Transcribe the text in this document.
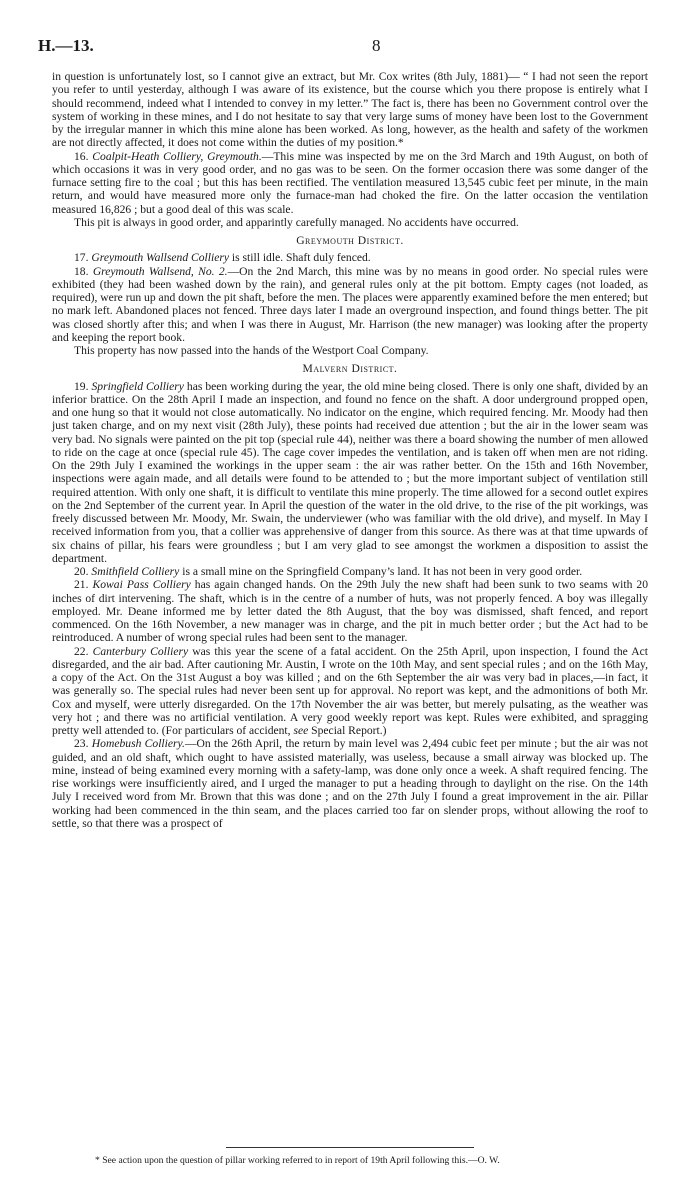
H.—13.	8

in question is unfortunately lost, so I cannot give an extract, but Mr. Cox writes (8th July, 1881)— “ I had not seen the report you refer to until yesterday, although I was aware of its existence, but the course which you there propose is entirely what I should recommend, indeed what I intended to convey in my letter.” The fact is, there has been no Government control over the system of working in these mines, and I do not hesitate to say that very large sums of money have been lost to the Government by the irregular manner in which this mine alone has been worked. As long, however, as the health and safety of the workmen are not directly affected, it does not come within the duties of my position.*

16. Coalpit-Heath Colliery, Greymouth.—This mine was inspected by me on the 3rd March and 19th August, on both of which occasions it was in very good order, and no gas was to be seen. On the former occasion there was some danger of the furnace setting fire to the coal ; but this has been rectified. The ventilation measured 13,545 cubic feet per minute, in the main return, and would have measured more only the furnace-man had choked the fire. On the latter occasion the ventilation measured 16,826 ; but a good deal of this was scale.

This pit is always in good order, and apparintly carefully managed. No accidents have occurred.

Greymouth District.

17. Greymouth Wallsend Colliery is still idle. Shaft duly fenced.

18. Greymouth Wallsend, No. 2.—On the 2nd March, this mine was by no means in good order. No special rules were exhibited (they had been washed down by the rain), and general rules only at the pit bottom. Empty cages (not loaded, as required), were run up and down the pit shaft, before the men. The places were apparently examined before the men entered; but no mark left. Abandoned places not fenced. Three days later I made an overground inspection, and found things better. The pit was closed shortly after this; and when I was there in August, Mr. Harrison (the new manager) was looking after the property and keeping the report book.

This property has now passed into the hands of the Westport Coal Company.

Malvern District.

19. Springfield Colliery has been working during the year, the old mine being closed. There is only one shaft, divided by an inferior brattice. On the 28th April I made an inspection, and found no fence on the shaft. A door underground propped open, and one hung so that it would not close automatically. No indicator on the engine, which required fencing. Mr. Moody had then just taken charge, and on my next visit (28th July), these points had received due attention ; but the air in the lower seam was very bad. No signals were painted on the pit top (special rule 44), neither was there a board showing the number of men allowed to ride on the cage at once (special rule 45). The cage cover impedes the ventilation, and is taken off when men are not riding. On the 29th July I examined the workings in the upper seam : the air was rather better. On the 15th and 16th November, inspections were again made, and all details were found to be attended to ; but the more important subject of ventilation still required attention. With only one shaft, it is difficult to ventilate this mine properly. The time allowed for a second outlet expires on the 2nd September of the current year. In April the question of the water in the old drive, to the rise of the pit workings, was freely discussed between Mr. Moody, Mr. Swain, the underviewer (who was familiar with the old drive), and myself. In May I received information from you, that a collier was apprehensive of danger from this source. As there was at that time upwards of six chains of pillar, his fears were groundless ; but I am very glad to see amongst the workmen a disposition to assist the department.

20. Smithfield Colliery is a small mine on the Springfield Company’s land. It has not been in very good order.

21. Kowai Pass Colliery has again changed hands. On the 29th July the new shaft had been sunk to two seams with 20 inches of dirt intervening. The shaft, which is in the centre of a number of huts, was not properly fenced. A boy was illegally employed. Mr. Deane informed me by letter dated the 8th August, that the boy was dismissed, shaft fenced, and report commenced. On the 16th November, a new manager was in charge, and the pit in much better order ; but the Act had to be reintroduced. A number of wrong special rules had been sent to the manager.

22. Canterbury Colliery was this year the scene of a fatal accident. On the 25th April, upon inspection, I found the Act disregarded, and the air bad. After cautioning Mr. Austin, I wrote on the 10th May, and sent special rules ; and on the 16th May, a copy of the Act. On the 31st August a boy was killed ; and on the 6th September the air was very bad in places,—in fact, it was generally so. The special rules had never been sent up for approval. No report was kept, and the admonitions of both Mr. Cox and myself, were utterly disregarded. On the 17th November the air was better, but merely pulsating, as the weather was very hot ; and there was no artificial ventilation. A very good weekly report was kept. Rules were exhibited, and spragging pretty well attended to. (For particulars of accident, see Special Report.)

23. Homebush Colliery.—On the 26th April, the return by main level was 2,494 cubic feet per minute ; but the air was not guided, and an old shaft, which ought to have assisted materially, was useless, because a small airway was blocked up. The mine, instead of being examined every morning with a safety-lamp, was done only once a week. A shaft required fencing. The rise workings were insufficiently aired, and I urged the manager to put a heading through to daylight on the rise. On the 14th July I received word from Mr. Brown that this was done ; and on the 27th July I found a great improvement in the air. Pillar working had been commenced in the thin seam, and the places carried too far on slender props, without allowing the roof to settle, so that there was a prospect of

* See action upon the question of pillar working referred to in report of 19th April following this.—O. W.
